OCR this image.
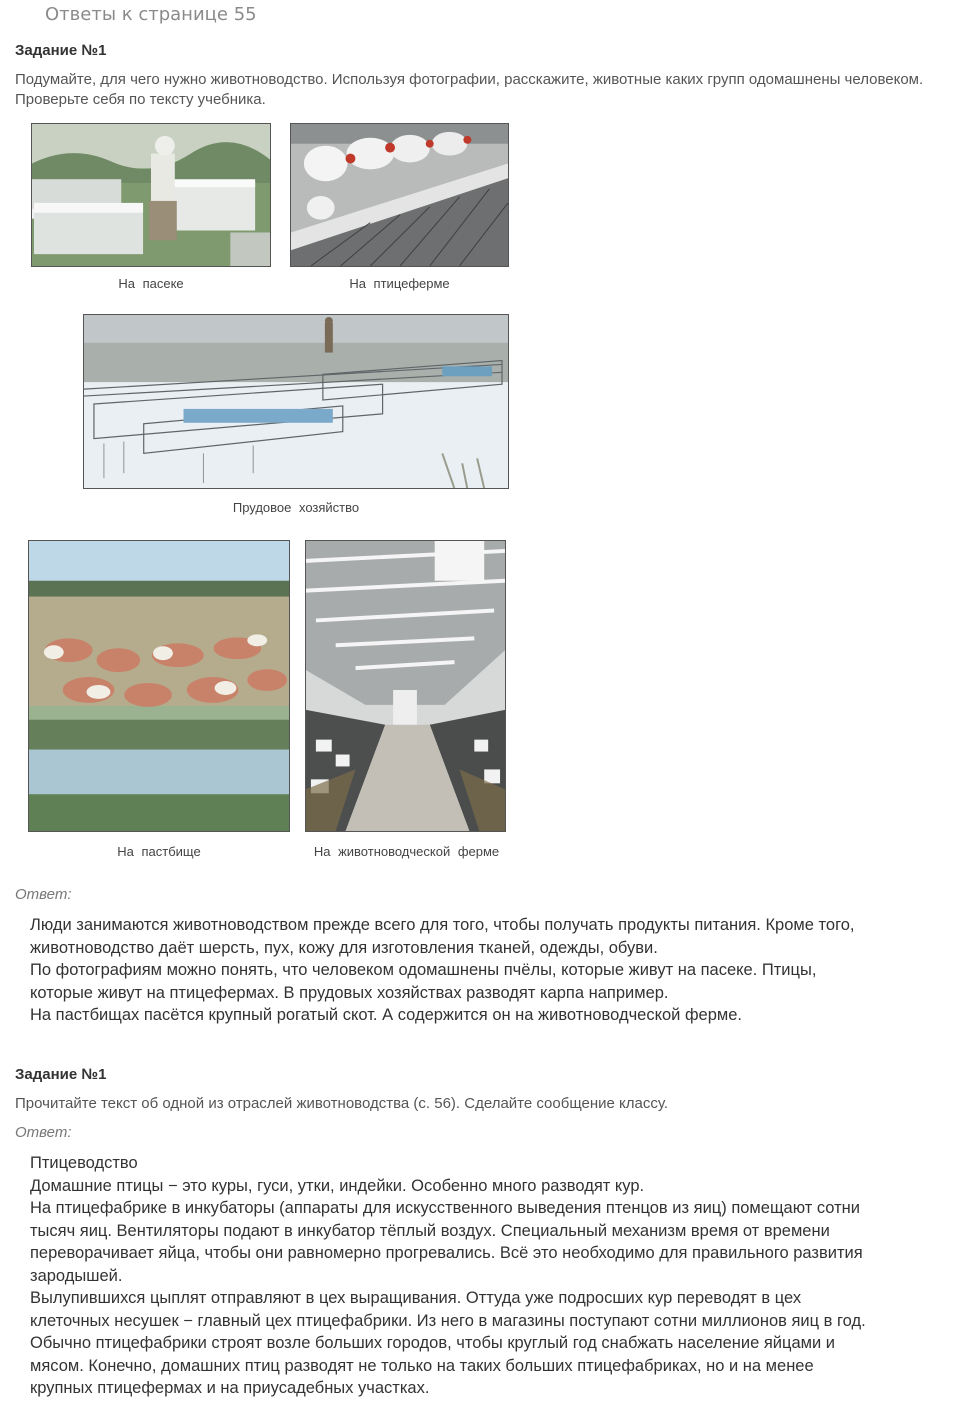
Ответы к странице 55
Задание №1
Подумайте, для чего нужно животноводство. Используя фотографии, расскажите, животные каких групп одомашнены человеком. Проверьте себя по тексту учебника.
На пасеке	На птицеферме
Прудовое хозяйство
На пастбище	На животноводческой ферме
Ответ:

Люди занимаются животноводством прежде всего для того, чтобы получать продукты питания. Кроме того,

животноводство даёт шерсть, пух, кожу для изготовления тканей, одежды, обуви.

По фотографиям можно понять, что человеком одомашнены пчёлы, которые живут на пасеке. Птицы,

которые живут на птицефермах. В прудовых хозяйствах разводят карпа например.

На пастбищах пасётся крупный рогатый скот. А содержится он на животноводческой ферме.

Задание №1
Прочитайте текст об одной из отраслей животноводства (с. 56). Сделайте сообщение классу.
Ответ:

Птицеводство

Домашние птицы − это куры, гуси, утки, индейки. Особенно много разводят кур.

На птицефабрике в инкубаторы (аппараты для искусственного выведения птенцов из яиц) помещают сотни

тысяч яиц. Вентиляторы подают в инкубатор тёплый воздух. Специальный механизм время от времени

переворачивает яйца, чтобы они равномерно прогревались. Всё это необходимо для правильного развития

зародышей.

Вылупившихся цыплят отправляют в цех выращивания. Оттуда уже подросших кур переводят в цех

клеточных несушек − главный цех птицефабрики. Из него в магазины поступают сотни миллионов яиц в год.

Обычно птицефабрики строят возле больших городов, чтобы круглый год снабжать население яйцами и

мясом. Конечно, домашних птиц разводят не только на таких больших птицефабриках, но и на менее

крупных птицефермах и на приусадебных участках.
